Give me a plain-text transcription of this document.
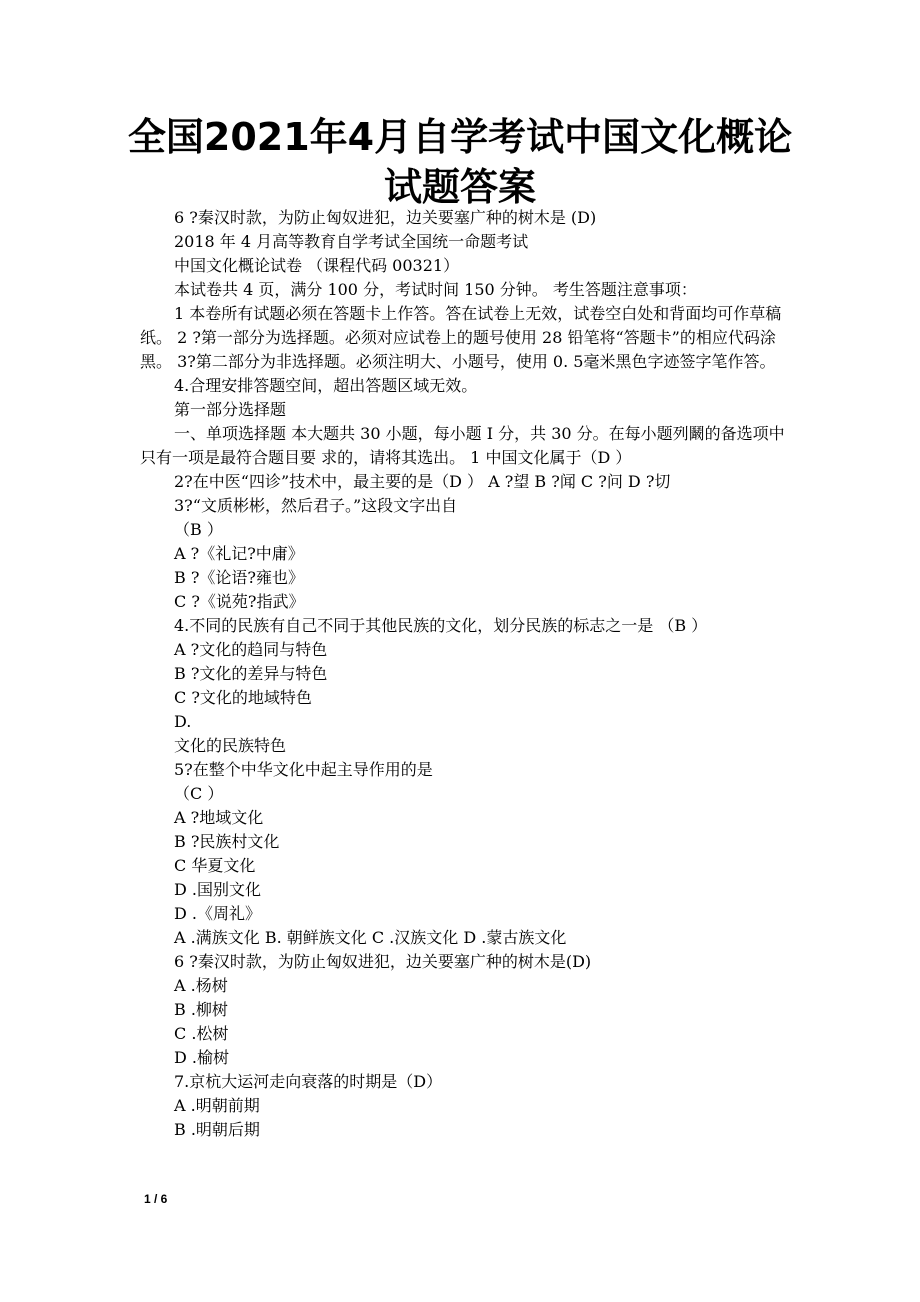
全国2021年4月自学考试中国文化概论试题答案

6 ?秦汉时款，为防止匈奴进犯，边关要塞广种的树木是 (D)

2018 年 4 月高等教育自学考试全国统一命题考试

中国文化概论试卷 （课程代码 00321）

本试卷共 4 页，满分 100 分，考试时间 150 分钟。 考生答题注意事项：

1 本卷所有试题必须在答题卡上作答。答在试卷上无效，试卷空白处和背面均可作草稿纸。 2 ?第一部分为选择题。必须对应试卷上的题号使用 28 铅笔将“答题卡”的相应代码涂黑。 3?第二部分为非选择题。必须注明大、小题号，使用 0. 5毫米黑色字迹签字笔作答。

4.合理安排答题空间，超出答题区域无效。

第一部分选择题

一、单项选择题 本大题共 30 小题，每小题 I 分，共 30 分。在每小题列鬫的备选项中只有一项是最符合题目要 求的，请将其选出。 1 中国文化属于（D ）

2?在中医“四诊”技术中，最主要的是（D ） A ?望 B ?闻 C ?问 D ?切

3?“文质彬彬，然后君子。”这段文字出自

（B ）

A ?《礼记?中庸》

B ?《论语?雍也》

C ?《说苑?指武》

4.不同的民族有自己不同于其他民族的文化，划分民族的标志之一是 （B ）

A ?文化的趋同与特色

B ?文化的差异与特色

C ?文化的地域特色

D.

文化的民族特色

5?在整个中华文化中起主导作用的是

（C ）

A ?地域文化

B ?民族村文化

C 华夏文化

D .国别文化

D .《周礼》

A .满族文化 B. 朝鲜族文化 C .汉族文化 D .蒙古族文化

6 ?秦汉时款，为防止匈奴进犯，边关要塞广种的树木是(D)

A .杨树

B .柳树

C .松树

D .榆树

7.京杭大运河走向衰落的时期是（D）

A .明朝前期

B .明朝后期

1 / 6
